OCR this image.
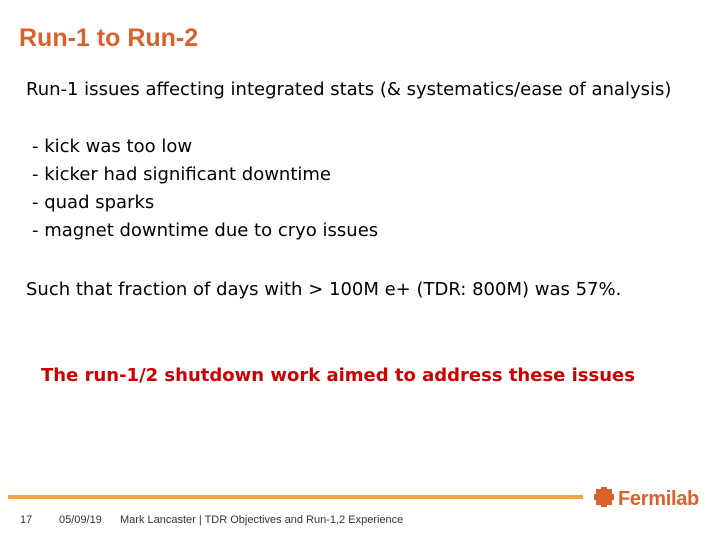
Run-1 to Run-2
Run-1 issues affecting integrated stats (& systematics/ease of analysis)
- kick was too low
- kicker had significant downtime
- quad sparks
- magnet downtime due to cryo issues
Such that fraction of days with > 100M e+ (TDR: 800M) was 57%.
The run-1/2 shutdown work aimed to address these issues
17 05/09/19 Mark Lancaster | TDR Objectives and Run-1,2 Experience
Fermilab
